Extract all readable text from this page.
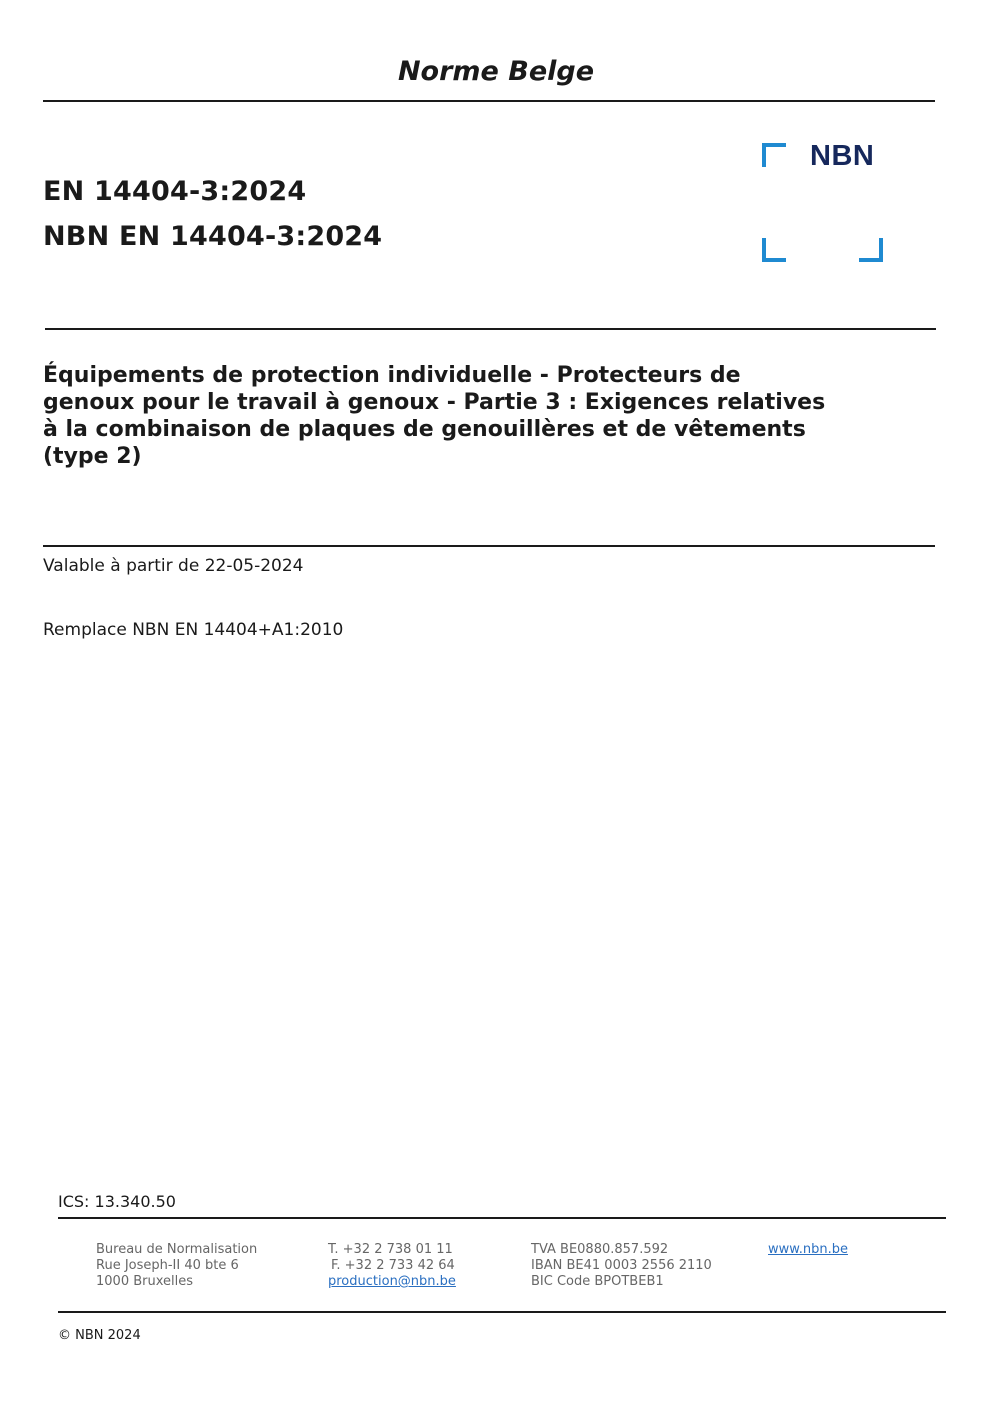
Norme Belge
EN 14404-3:2024
NBN EN 14404-3:2024
NBN
Équipements de protection individuelle - Protecteurs de
genoux pour le travail à genoux - Partie 3 : Exigences relatives
à la combinaison de plaques de genouillères et de vêtements
(type 2)
Valable à partir de 22-05-2024
Remplace NBN EN 14404+A1:2010
ICS: 13.340.50
Bureau de Normalisation
Rue Joseph-II 40 bte 6
1000 Bruxelles
T. +32 2 738 01 11
F. +32 2 733 42 64
production@nbn.be
TVA BE0880.857.592
IBAN BE41 0003 2556 2110
BIC Code BPOTBEB1
www.nbn.be
© NBN 2024
